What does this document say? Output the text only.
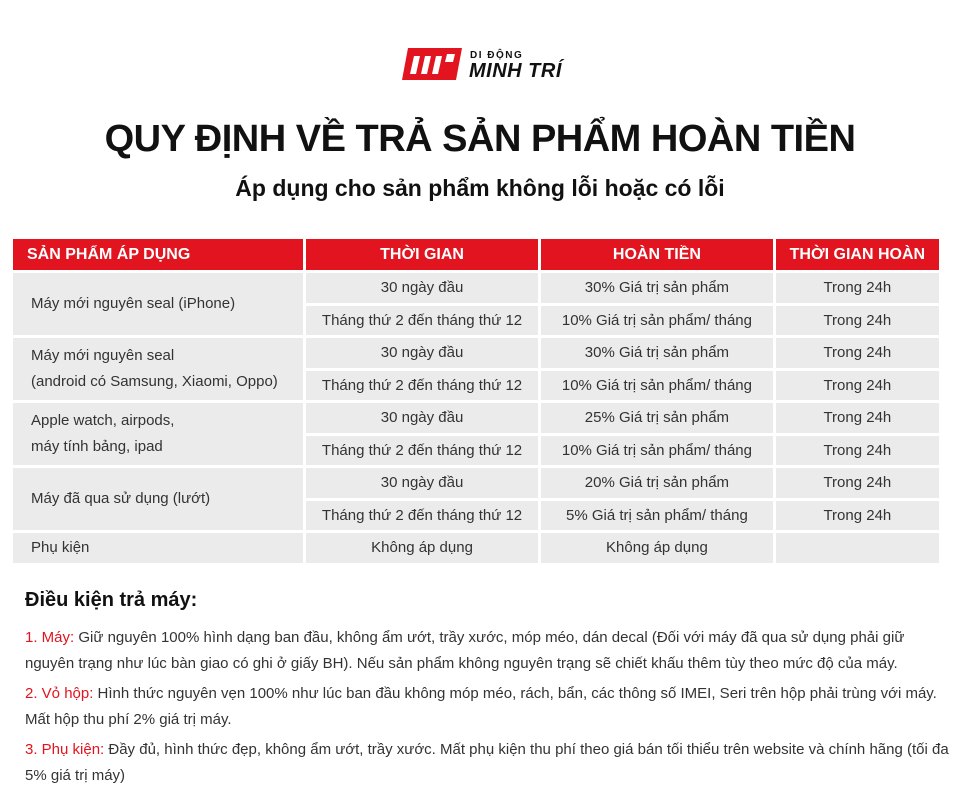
DI ĐỘNG
MINH TRÍ
QUY ĐỊNH VỀ TRẢ SẢN PHẨM HOÀN TIỀN
Áp dụng cho sản phẩm không lỗi hoặc có lỗi
SẢN PHẨM ÁP DỤNG	THỜI GIAN	HOÀN TIỀN	THỜI GIAN HOÀN
Máy mới nguyên seal (iPhone)	30 ngày đầu	30% Giá trị sản phẩm	Trong 24h
	Tháng thứ 2 đến tháng thứ 12	10% Giá trị sản phẩm/ tháng	Trong 24h
Máy mới nguyên seal
(android có Samsung, Xiaomi, Oppo)	30 ngày đầu	30% Giá trị sản phẩm	Trong 24h
	Tháng thứ 2 đến tháng thứ 12	10% Giá trị sản phẩm/ tháng	Trong 24h
Apple watch, airpods,
máy tính bảng, ipad	30 ngày đầu	25% Giá trị sản phẩm	Trong 24h
	Tháng thứ 2 đến tháng thứ 12	10% Giá trị sản phẩm/ tháng	Trong 24h
Máy đã qua sử dụng (lướt)	30 ngày đầu	20% Giá trị sản phẩm	Trong 24h
	Tháng thứ 2 đến tháng thứ 12	5% Giá trị sản phẩm/ tháng	Trong 24h
Phụ kiện	Không áp dụng	Không áp dụng	
Điều kiện trả máy:

1. Máy: Giữ nguyên 100% hình dạng ban đầu, không ẩm ướt, trầy xước, móp méo, dán decal (Đối với máy đã qua sử dụng phải giữ nguyên trạng như lúc bàn giao có ghi ở giấy BH). Nếu sản phẩm không nguyên trạng sẽ chiết khấu thêm tùy theo mức độ của máy.

2. Vỏ hộp: Hình thức nguyên vẹn 100% như lúc ban đầu không móp méo, rách, bẩn, các thông số IMEI, Seri trên hộp phải trùng với máy. Mất hộp thu phí 2% giá trị máy.

3. Phụ kiện: Đầy đủ, hình thức đẹp, không ẩm ướt, trầy xước. Mất phụ kiện thu phí theo giá bán tối thiểu trên website và chính hãng (tối đa 5% giá trị máy)
